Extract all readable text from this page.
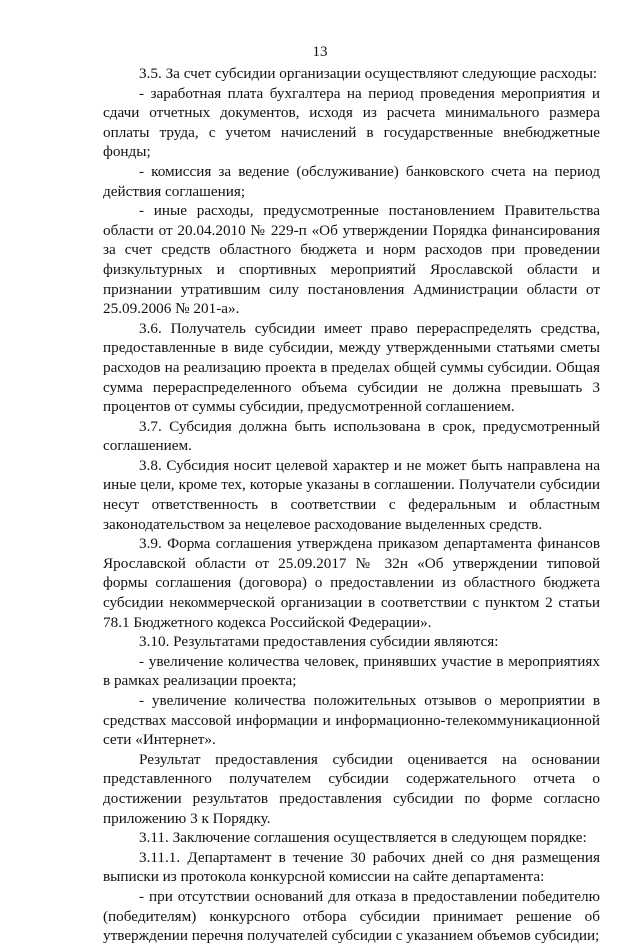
13

3.5. За счет субсидии организации осуществляют следующие расходы:

- заработная плата бухгалтера на период проведения мероприятия и сдачи отчетных документов, исходя из расчета минимального размера оплаты труда, с учетом начислений в государственные внебюджетные фонды;

- комиссия за ведение (обслуживание) банковского счета на период действия соглашения;

- иные расходы, предусмотренные постановлением Правительства области от 20.04.2010 № 229-п «Об утверждении Порядка финансирования за счет средств областного бюджета и норм расходов при проведении физкультурных и спортивных мероприятий Ярославской области и признании утратившим силу постановления Администрации области от 25.09.2006 № 201-а».

3.6. Получатель субсидии имеет право перераспределять средства, предоставленные в виде субсидии, между утвержденными статьями сметы расходов на реализацию проекта в пределах общей суммы субсидии. Общая сумма перераспределенного объема субсидии не должна превышать 3 процентов от суммы субсидии, предусмотренной соглашением.

3.7. Субсидия должна быть использована в срок, предусмотренный соглашением.

3.8. Субсидия носит целевой характер и не может быть направлена на иные цели, кроме тех, которые указаны в соглашении. Получатели субсидии несут ответственность в соответствии с федеральным и областным законодательством за нецелевое расходование выделенных средств.

3.9. Форма соглашения утверждена приказом департамента финансов Ярославской области от 25.09.2017 № 32н «Об утверждении типовой формы соглашения (договора) о предоставлении из областного бюджета субсидии некоммерческой организации в соответствии с пунктом 2 статьи 78.1 Бюджетного кодекса Российской Федерации».

3.10. Результатами предоставления субсидии являются:

- увеличение количества человек, принявших участие в мероприятиях в рамках реализации проекта;

- увеличение количества положительных отзывов о мероприятии в средствах массовой информации и информационно-телекоммуникационной сети «Интернет».

Результат предоставления субсидии оценивается на основании представленного получателем субсидии содержательного отчета о достижении результатов предоставления субсидии по форме согласно приложению 3 к Порядку.

3.11. Заключение соглашения осуществляется в следующем порядке:

3.11.1. Департамент в течение 30 рабочих дней со дня размещения выписки из протокола конкурсной комиссии на сайте департамента:

- при отсутствии оснований для отказа в предоставлении победителю (победителям) конкурсного отбора субсидии принимает решение об утверждении перечня получателей субсидии с указанием объемов субсидии;
